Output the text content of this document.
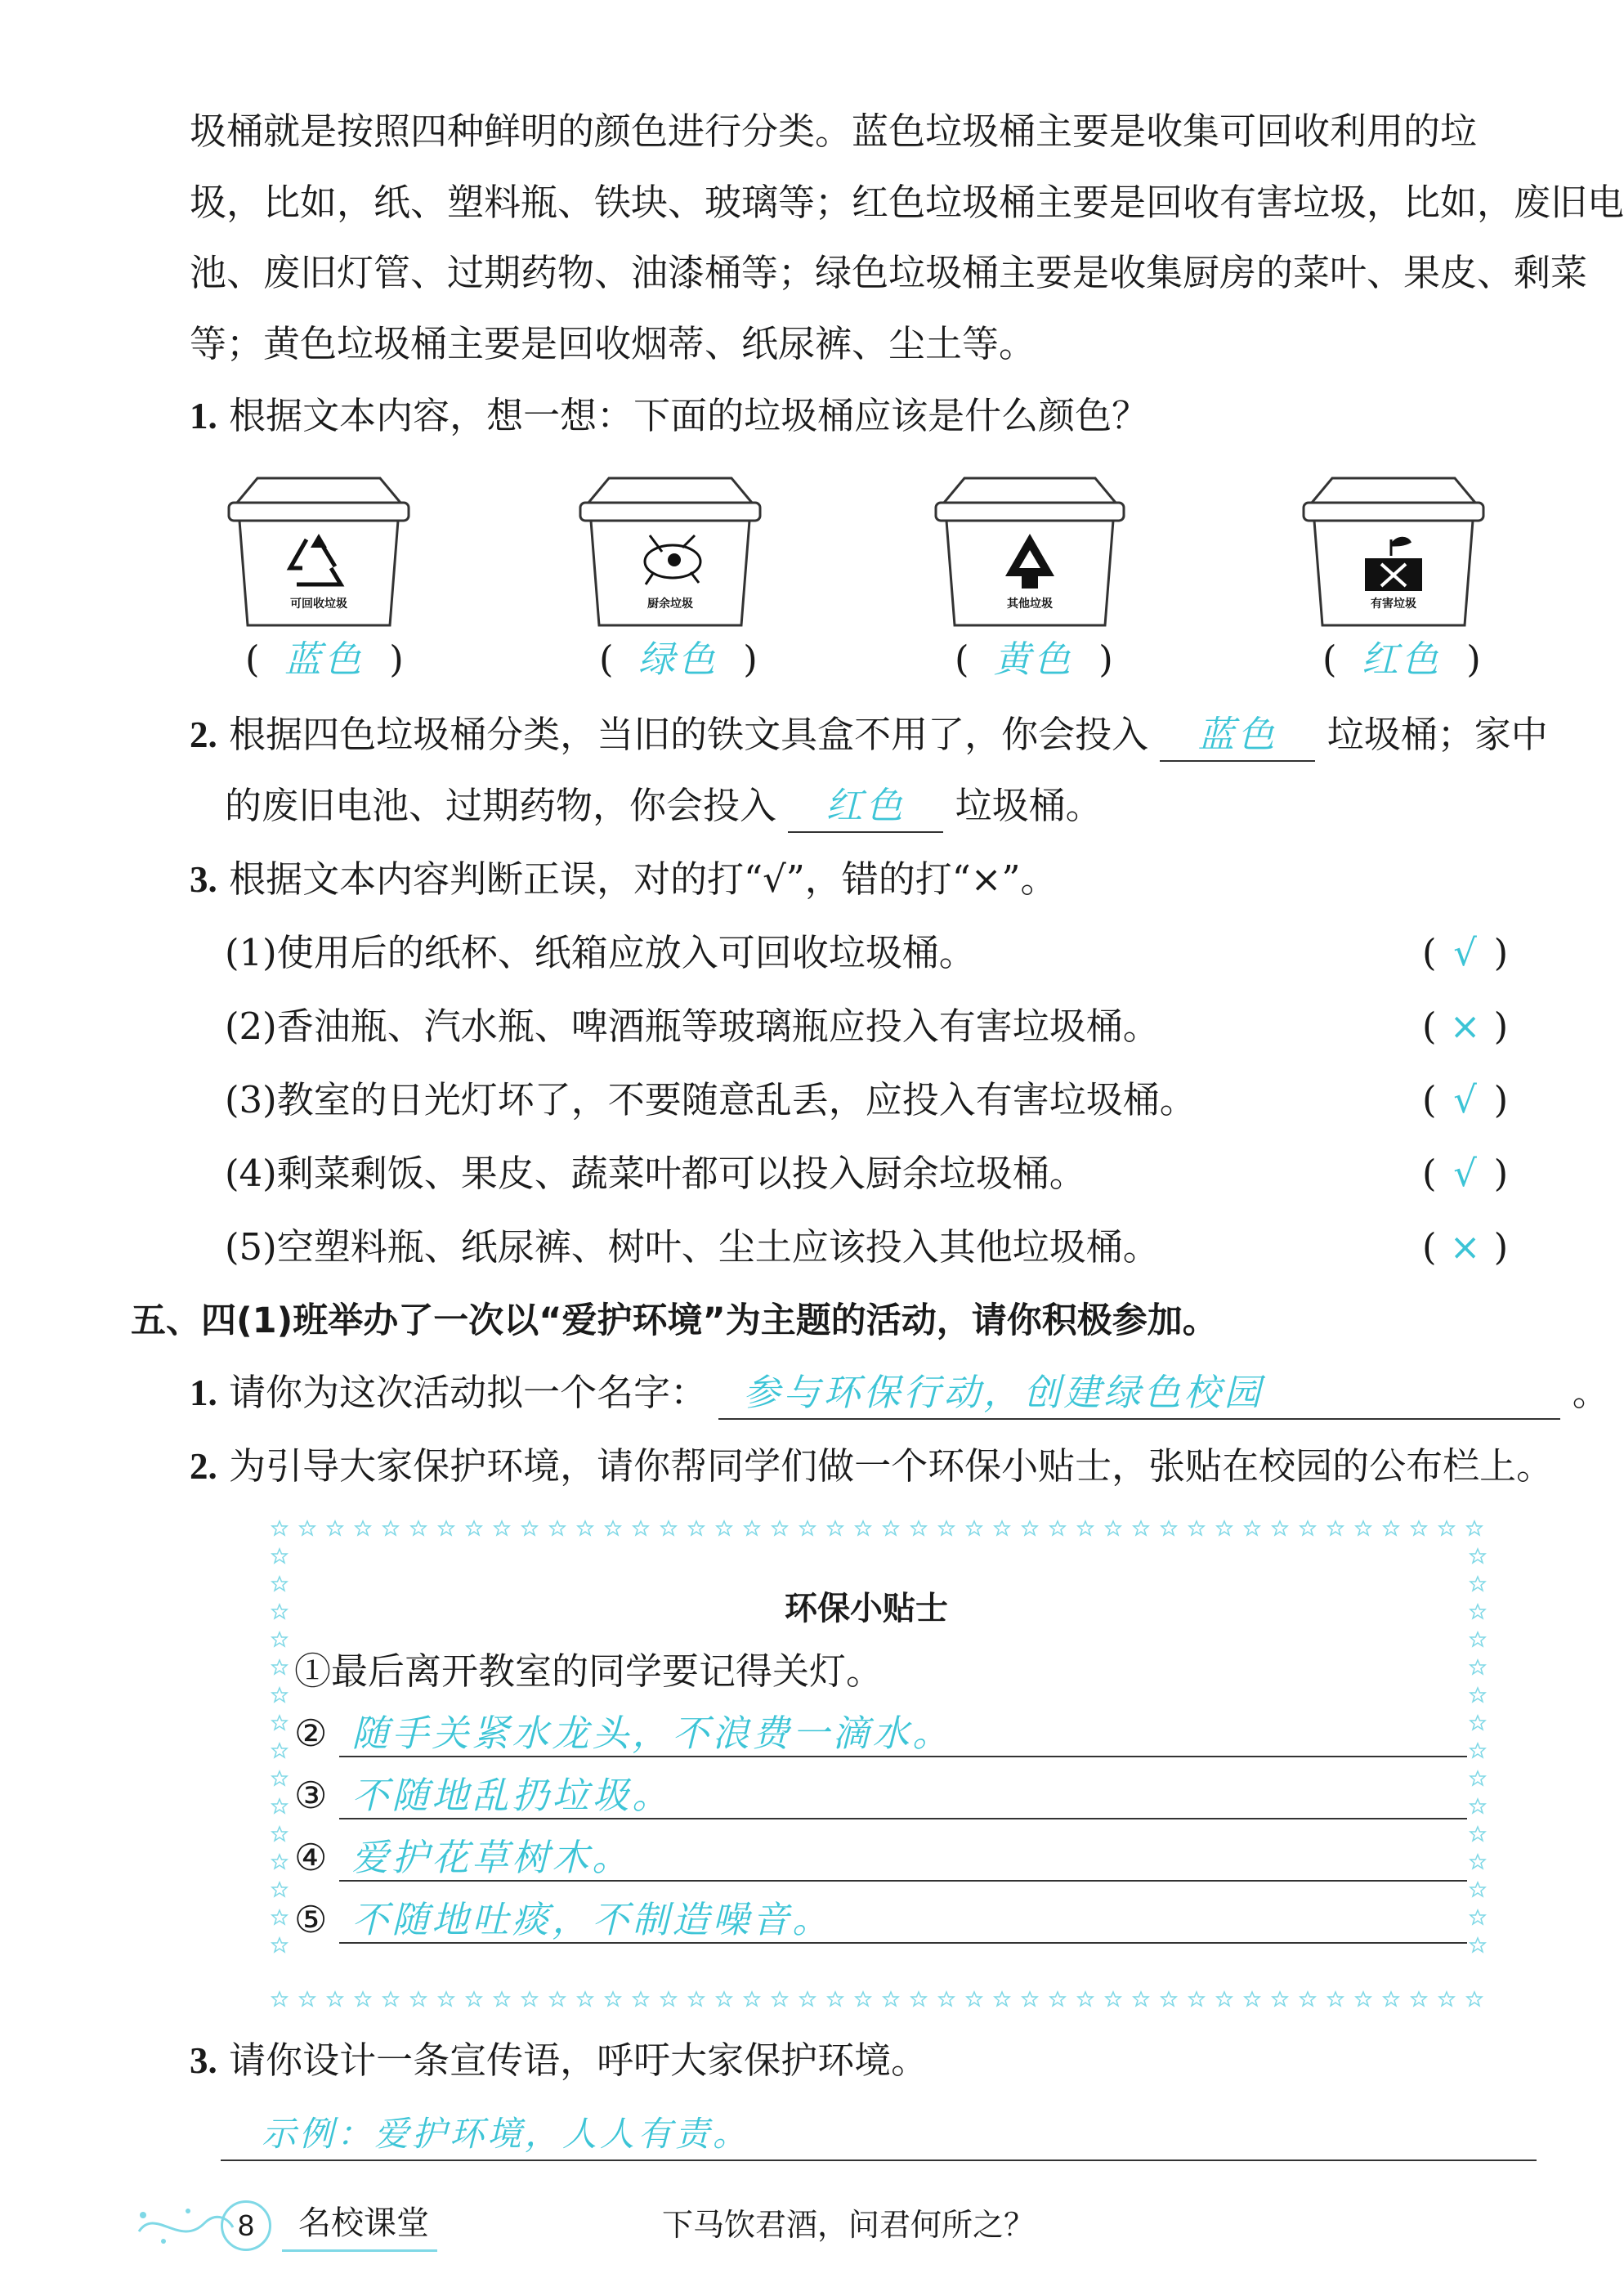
圾桶就是按照四种鲜明的颜色进行分类。蓝色垃圾桶主要是收集可回收利用的垃
圾，比如，纸、塑料瓶、铁块、玻璃等；红色垃圾桶主要是回收有害垃圾，比如，废旧电
池、废旧灯管、过期药物、油漆桶等；绿色垃圾桶主要是收集厨房的菜叶、果皮、剩菜
等；黄色垃圾桶主要是回收烟蒂、纸尿裤、尘土等。
1. 根据文本内容，想一想：下面的垃圾桶应该是什么颜色？
可回收垃圾	厨余垃圾	其他垃圾	有害垃圾
( 蓝色 )	( 绿色 )	( 黄色 )	( 红色 )
2. 根据四色垃圾桶分类，当旧的铁文具盒不用了，你会投入 蓝色 垃圾桶；家中
的废旧电池、过期药物，你会投入 红色 垃圾桶。
3. 根据文本内容判断正误，对的打“√”，错的打“×”。
(1)使用后的纸杯、纸箱应放入可回收垃圾桶。	( √ )
(2)香油瓶、汽水瓶、啤酒瓶等玻璃瓶应投入有害垃圾桶。	( × )
(3)教室的日光灯坏了，不要随意乱丢，应投入有害垃圾桶。	( √ )
(4)剩菜剩饭、果皮、蔬菜叶都可以投入厨余垃圾桶。	( √ )
(5)空塑料瓶、纸尿裤、树叶、尘土应该投入其他垃圾桶。	( × )
五、四(1)班举办了一次以“爱护环境”为主题的活动，请你积极参加。
1. 请你为这次活动拟一个名字： 参与环保行动，创建绿色校园	。
2. 为引导大家保护环境，请你帮同学们做一个环保小贴士，张贴在校园的公布栏上。
环保小贴士
①最后离开教室的同学要记得关灯。
② 随手关紧水龙头，不浪费一滴水。
③ 不随地乱扔垃圾。
④ 爱护花草树木。
⑤ 不随地吐痰，不制造噪音。
3. 请你设计一条宣传语，呼吁大家保护环境。
示例：爱护环境，人人有责。
8	名校课堂	下马饮君酒，问君何所之？
